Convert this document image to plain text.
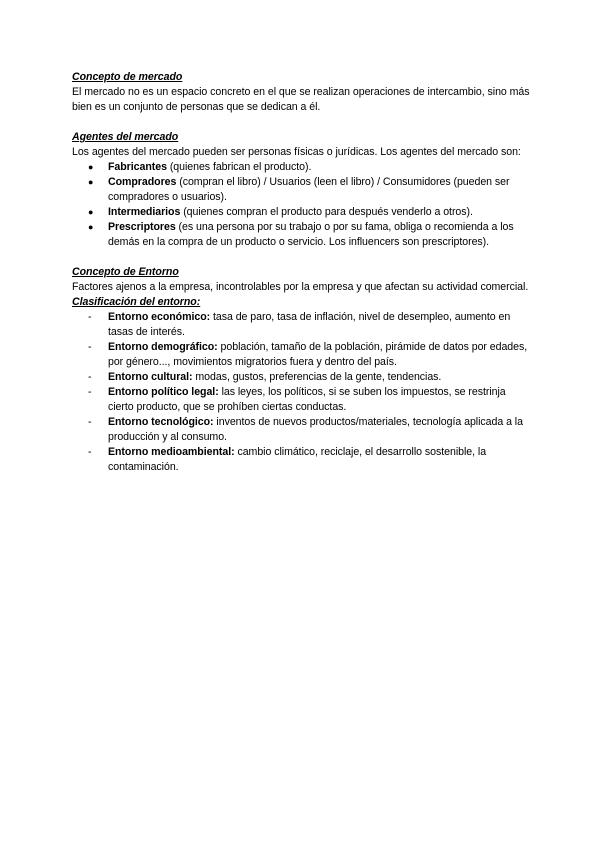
Concepto de mercado

El mercado no es un espacio concreto en el que se realizan operaciones de intercambio, sino más bien es un conjunto de personas que se dedican a él.

Agentes del mercado

Los agentes del mercado pueden ser personas físicas o jurídicas. Los agentes del mercado son:

●	Fabricantes (quienes fabrican el producto).
●	Compradores (compran el libro) / Usuarios (leen el libro) / Consumidores (pueden ser compradores o usuarios).
●	Intermediarios (quienes compran el producto para después venderlo a otros).
●	Prescriptores (es una persona por su trabajo o por su fama, obliga o recomienda a los demás en la compra de un producto o servicio. Los influencers son prescriptores).

Concepto de Entorno

Factores ajenos a la empresa, incontrolables por la empresa y que afectan su actividad comercial.

Clasificación del entorno:

-	Entorno económico: tasa de paro, tasa de inflación, nivel de desempleo, aumento en tasas de interés.
-	Entorno demográfico: población, tamaño de la población, pirámide de datos por edades, por género..., movimientos migratorios fuera y dentro del país.
-	Entorno cultural: modas, gustos, preferencias de la gente, tendencias.
-	Entorno político legal: las leyes, los políticos, si se suben los impuestos, se restrinja cierto producto, que se prohíben ciertas conductas.
-	Entorno tecnológico: inventos de nuevos productos/materiales, tecnología aplicada a la producción y al consumo.
-	Entorno medioambiental: cambio climático, reciclaje, el desarrollo sostenible, la contaminación.
